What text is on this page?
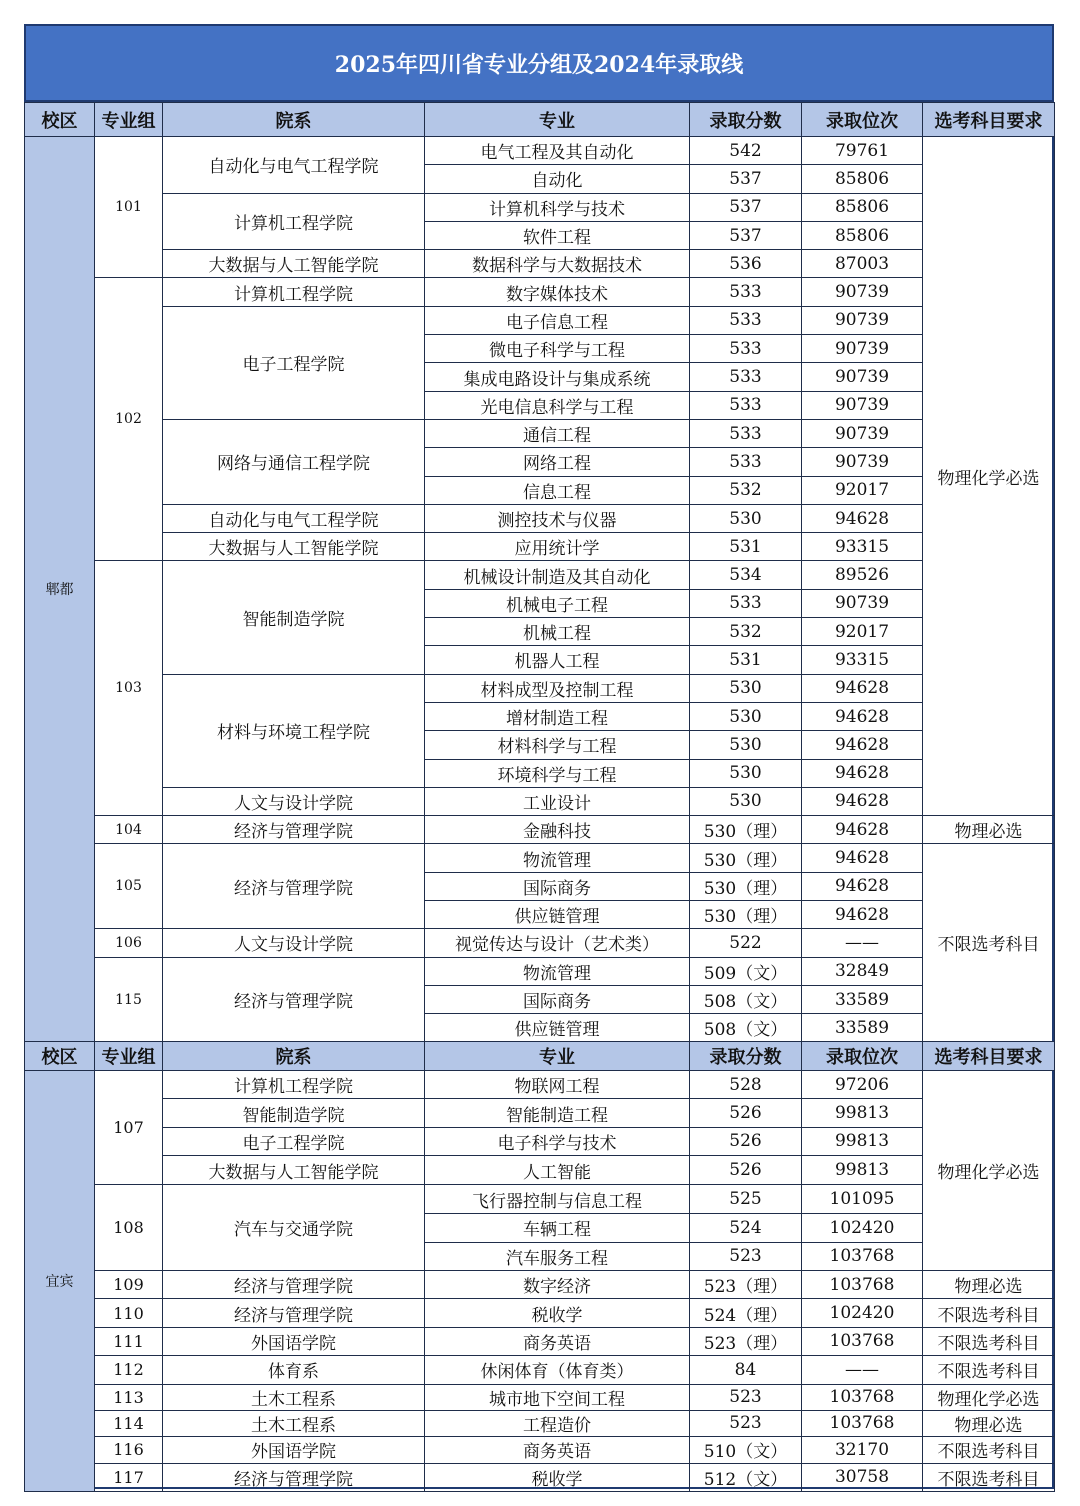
2025年四川省专业分组及2024年录取线
校区	专业组	院系	专业	录取分数	录取位次	选考科目要求
郫都	101	自动化与电气工程学院	电气工程及其自动化	542	79761	物理化学必选
			自动化	537	85806	
		计算机工程学院	计算机科学与技术	537	85806	
			软件工程	537	85806	
		大数据与人工智能学院	数据科学与大数据技术	536	87003	
	102	计算机工程学院	数字媒体技术	533	90739	
		电子工程学院	电子信息工程	533	90739	
			微电子科学与工程	533	90739	
			集成电路设计与集成系统	533	90739	
			光电信息科学与工程	533	90739	
		网络与通信工程学院	通信工程	533	90739	
			网络工程	533	90739	
			信息工程	532	92017	
		自动化与电气工程学院	测控技术与仪器	530	94628	
		大数据与人工智能学院	应用统计学	531	93315	
	103	智能制造学院	机械设计制造及其自动化	534	89526	
			机械电子工程	533	90739	
			机械工程	532	92017	
			机器人工程	531	93315	
		材料与环境工程学院	材料成型及控制工程	530	94628	
			增材制造工程	530	94628	
			材料科学与工程	530	94628	
			环境科学与工程	530	94628	
		人文与设计学院	工业设计	530	94628	
	104	经济与管理学院	金融科技	530（理）	94628	物理必选
	105	经济与管理学院	物流管理	530（理）	94628	不限选考科目
			国际商务	530（理）	94628	
			供应链管理	530（理）	94628	
	106	人文与设计学院	视觉传达与设计（艺术类）	522	——	
	115	经济与管理学院	物流管理	509（文）	32849	
			国际商务	508（文）	33589	
			供应链管理	508（文）	33589	
校区	专业组	院系	专业	录取分数	录取位次	选考科目要求
宜宾	107	计算机工程学院	物联网工程	528	97206	物理化学必选
		智能制造学院	智能制造工程	526	99813	
		电子工程学院	电子科学与技术	526	99813	
		大数据与人工智能学院	人工智能	526	99813	
	108	汽车与交通学院	飞行器控制与信息工程	525	101095	
			车辆工程	524	102420	
			汽车服务工程	523	103768	
	109	经济与管理学院	数字经济	523（理）	103768	物理必选
	110	经济与管理学院	税收学	524（理）	102420	不限选考科目
	111	外国语学院	商务英语	523（理）	103768	不限选考科目
	112	体育系	休闲体育（体育类）	84	——	不限选考科目
	113	土木工程系	城市地下空间工程	523	103768	物理化学必选
	114	土木工程系	工程造价	523	103768	物理必选
	116	外国语学院	商务英语	510（文）	32170	不限选考科目
	117	经济与管理学院	税收学	512（文）	30758	不限选考科目
